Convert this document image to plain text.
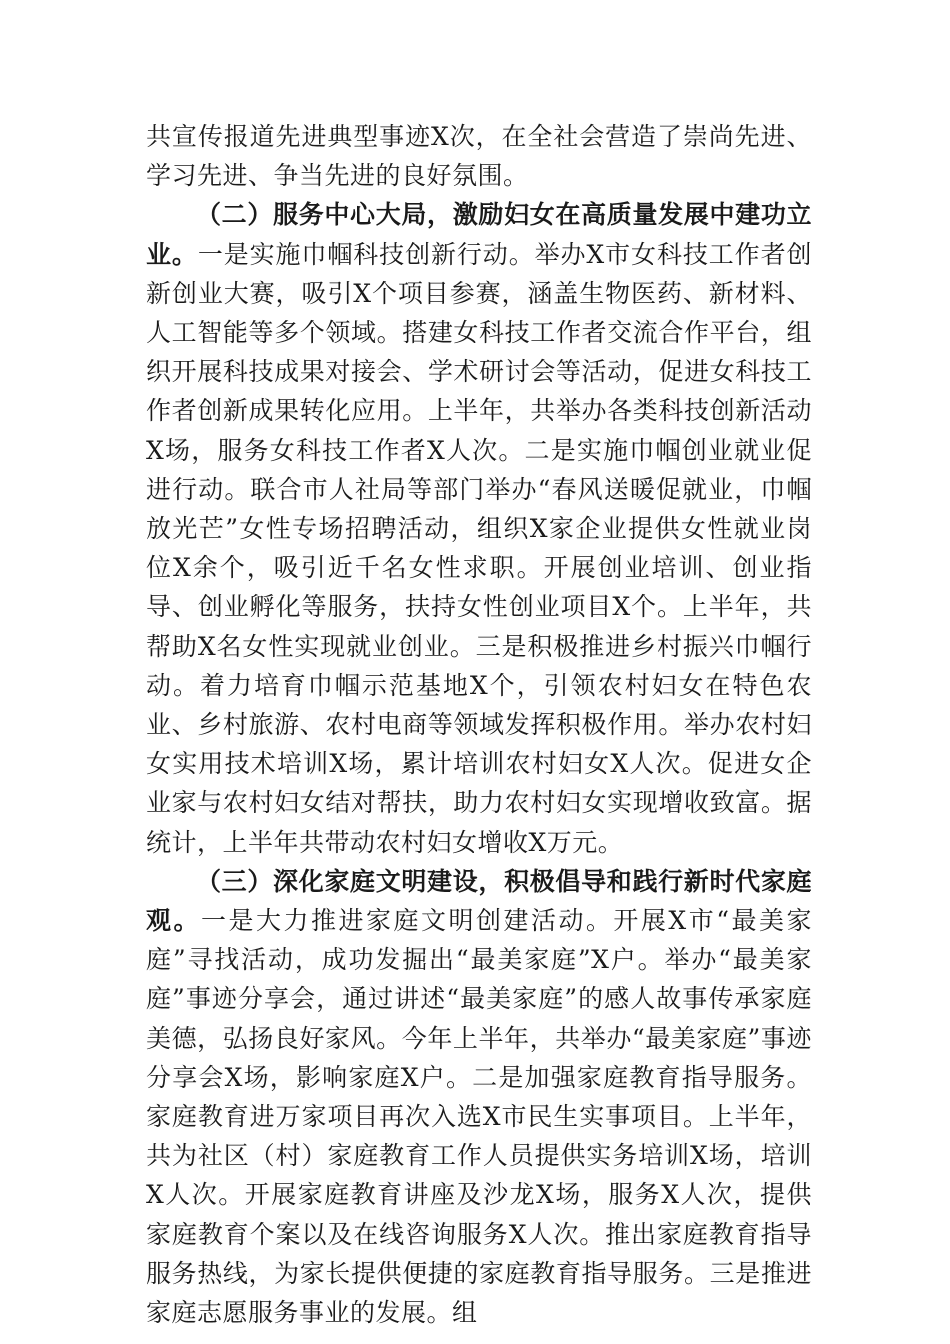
共宣传报道先进典型事迹X次，在全社会营造了崇尚先进、学习先进、争当先进的良好氛围。

（二）服务中心大局，激励妇女在高质量发展中建功立业。一是实施巾帼科技创新行动。举办X市女科技工作者创新创业大赛，吸引X个项目参赛，涵盖生物医药、新材料、人工智能等多个领域。搭建女科技工作者交流合作平台，组织开展科技成果对接会、学术研讨会等活动，促进女科技工作者创新成果转化应用。上半年，共举办各类科技创新活动X场，服务女科技工作者X人次。二是实施巾帼创业就业促进行动。联合市人社局等部门举办“春风送暖促就业，巾帼放光芒”女性专场招聘活动，组织X家企业提供女性就业岗位X余个，吸引近千名女性求职。开展创业培训、创业指导、创业孵化等服务，扶持女性创业项目X个。上半年，共帮助X名女性实现就业创业。三是积极推进乡村振兴巾帼行动。着力培育巾帼示范基地X个，引领农村妇女在特色农业、乡村旅游、农村电商等领域发挥积极作用。举办农村妇女实用技术培训X场，累计培训农村妇女X人次。促进女企业家与农村妇女结对帮扶，助力农村妇女实现增收致富。据统计，上半年共带动农村妇女增收X万元。

（三）深化家庭文明建设，积极倡导和践行新时代家庭观。一是大力推进家庭文明创建活动。开展X市“最美家庭”寻找活动，成功发掘出“最美家庭”X户。举办“最美家庭”事迹分享会，通过讲述“最美家庭”的感人故事传承家庭美德，弘扬良好家风。今年上半年，共举办“最美家庭”事迹分享会X场，影响家庭X户。二是加强家庭教育指导服务。家庭教育进万家项目再次入选X市民生实事项目。上半年，共为社区（村）家庭教育工作人员提供实务培训X场，培训X人次。开展家庭教育讲座及沙龙X场，服务X人次，提供家庭教育个案以及在线咨询服务X人次。推出家庭教育指导服务热线，为家长提供便捷的家庭教育指导服务。三是推进家庭志愿服务事业的发展。组
